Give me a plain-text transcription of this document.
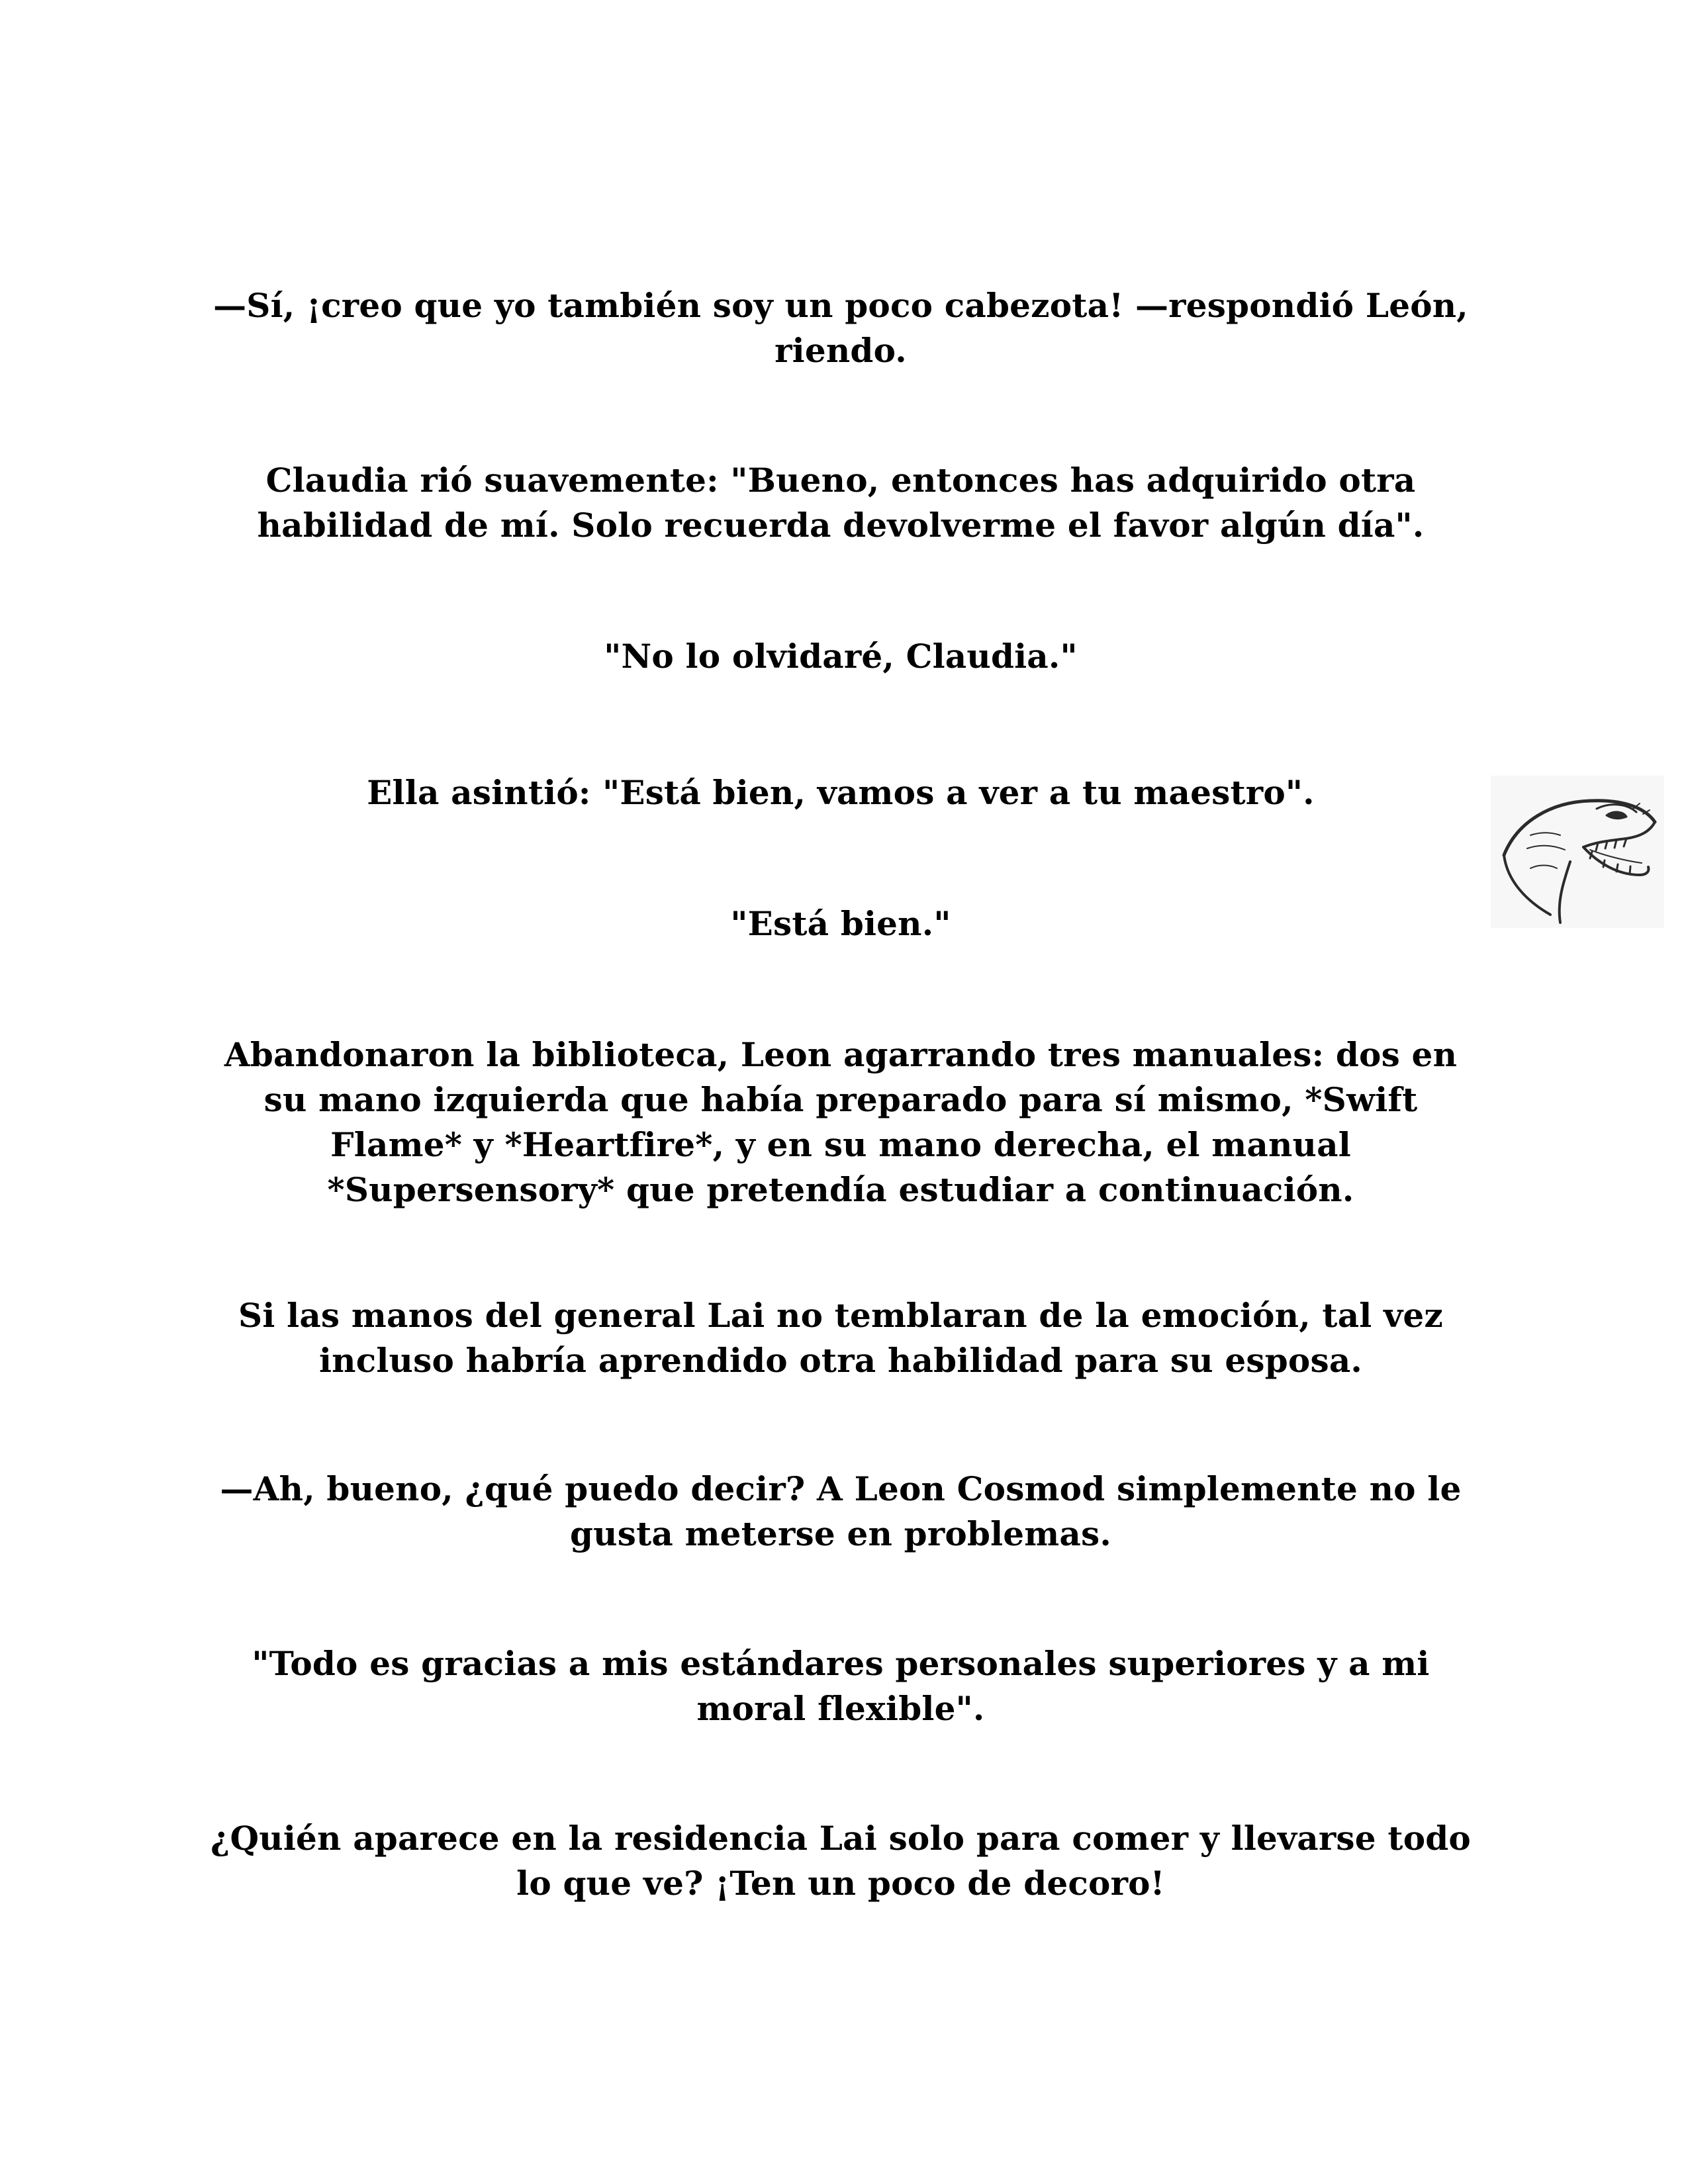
—Sí, ¡creo que yo también soy un poco cabezota! —respondió León, riendo.

Claudia rió suavemente: "Bueno, entonces has adquirido otra habilidad de mí. Solo recuerda devolverme el favor algún día".

"No lo olvidaré, Claudia."

Ella asintió: "Está bien, vamos a ver a tu maestro".

"Está bien."

Abandonaron la biblioteca, Leon agarrando tres manuales: dos en su mano izquierda que había preparado para sí mismo, *Swift Flame* y *Heartfire*, y en su mano derecha, el manual *Supersensory* que pretendía estudiar a continuación.

Si las manos del general Lai no temblaran de la emoción, tal vez incluso habría aprendido otra habilidad para su esposa.

—Ah, bueno, ¿qué puedo decir? A Leon Cosmod simplemente no le gusta meterse en problemas.

"Todo es gracias a mis estándares personales superiores y a mi moral flexible".

¿Quién aparece en la residencia Lai solo para comer y llevarse todo lo que ve? ¡Ten un poco de decoro!
